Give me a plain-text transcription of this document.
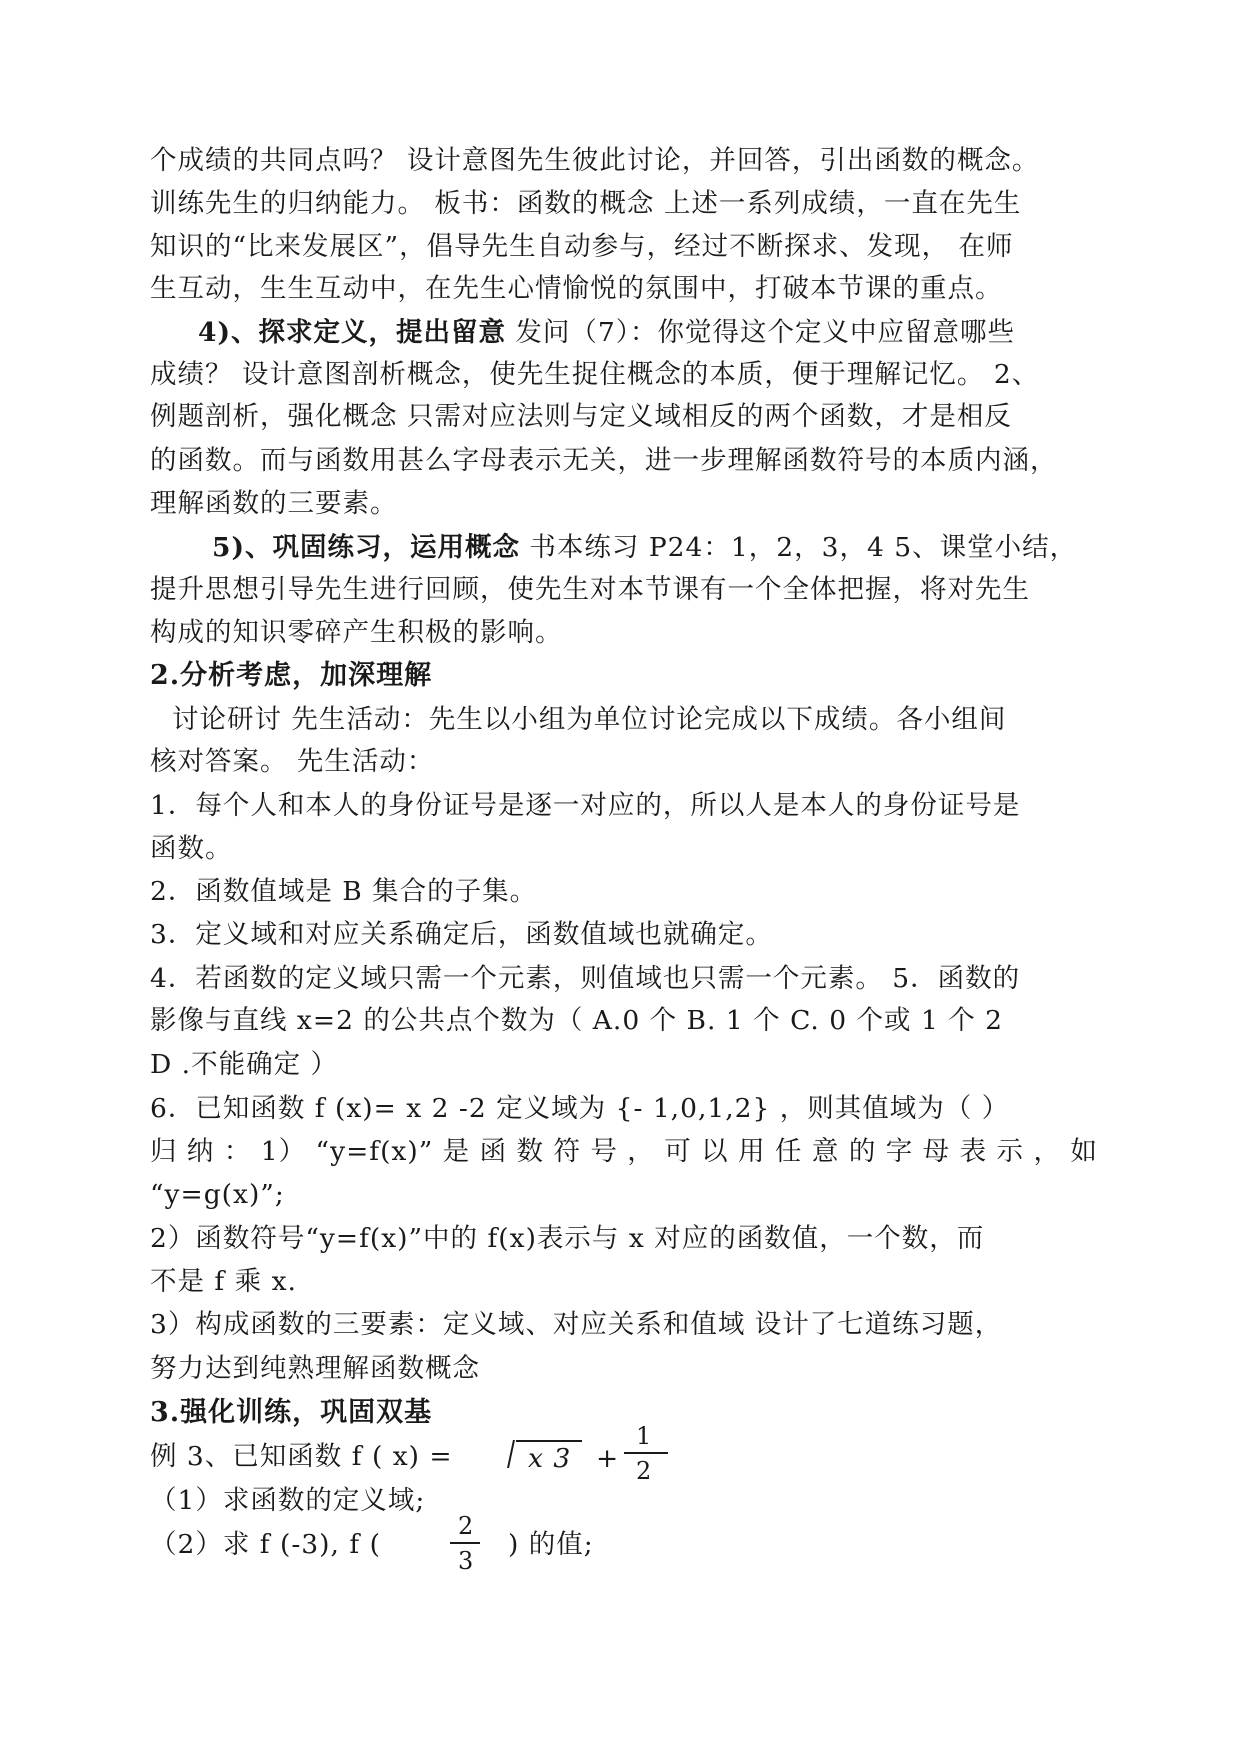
个成绩的共同点吗？ 设计意图先生彼此讨论，并回答，引出函数的概念。
训练先生的归纳能力。 板书：函数的概念 上述一系列成绩，一直在先生
知识的“比来发展区”，倡导先生自动参与，经过不断探求、发现， 在师
生互动，生生互动中，在先生心情愉悦的氛围中，打破本节课的重点。
4)、探求定义，提出留意 发问（7）：你觉得这个定义中应留意哪些
成绩？ 设计意图剖析概念，使先生捉住概念的本质，便于理解记忆。 2、
例题剖析，强化概念 只需对应法则与定义域相反的两个函数，才是相反
的函数。而与函数用甚么字母表示无关，进一步理解函数符号的本质内涵，
理解函数的三要素。
5)、巩固练习，运用概念 书本练习 P24：1，2，3，4 5、课堂小结，
提升思想引导先生进行回顾，使先生对本节课有一个全体把握，将对先生
构成的知识零碎产生积极的影响。
2.分析考虑，加深理解
讨论研讨 先生活动：先生以小组为单位讨论完成以下成绩。各小组间
核对答案。 先生活动：
1．每个人和本人的身份证号是逐一对应的，所以人是本人的身份证号是
函数。
2．函数值域是 B 集合的子集。
3．定义域和对应关系确定后，函数值域也就确定。
4．若函数的定义域只需一个元素，则值域也只需一个元素。 5．函数的
影像与直线 x=2 的公共点个数为（ A.0 个 B. 1 个 C. 0 个或 1 个 2
D .不能确定 ）
6．已知函数 f (x)= x 2 -2 定义域为 {- 1,0,1,2} ，则其值域为（ ）
归 纳 ： 1） “y=f(x)” 是 函 数 符 号 ， 可 以 用 任 意 的 字 母 表 示 ， 如
“y=g(x)”;
2）函数符号“y=f(x)”中的 f(x)表示与 x 对应的函数值，一个数，而
不是 f 乘 x.
3）构成函数的三要素：定义域、对应关系和值域 设计了七道练习题，
努力达到纯熟理解函数概念
3.强化训练，巩固双基
例 3、已知函数 f ( x) =	x 3 +
1
2
（1）求函数的定义域;
（2）求 f (-3), f (
2
3
) 的值;
